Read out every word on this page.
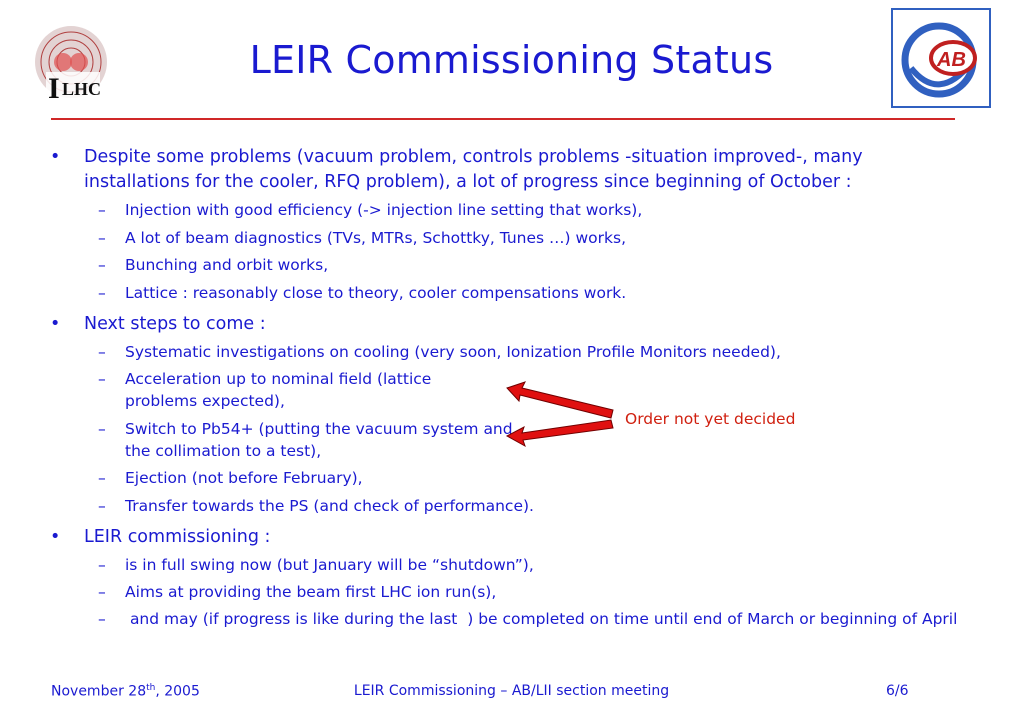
I LHC
AB
LEIR Commissioning Status
• Despite some problems (vacuum problem, controls problems -situation improved-, many installations for the cooler, RFQ problem), a lot of progress since beginning of October :
– Injection with good efficiency (-> injection line setting that works),
– A lot of beam diagnostics (TVs, MTRs, Schottky, Tunes …) works,
– Bunching and orbit works,
– Lattice : reasonably close to theory, cooler compensations work.
• Next steps to come :
– Systematic investigations on cooling (very soon, Ionization Profile Monitors needed),
– Acceleration up to nominal field (lattice problems expected),
– Switch to Pb54+ (putting the vacuum system and the collimation to a test),
– Ejection (not before February),
– Transfer towards the PS (and check of performance).
• LEIR commissioning :
– is in full swing now (but January will be “shutdown”),
– Aims at providing the beam first LHC ion run(s),
– and may (if progress is like during the last  ) be completed on time until end of March or beginning of April
Order not yet decided
November 28th, 2005	LEIR Commissioning – AB/LII section meeting	6/6
